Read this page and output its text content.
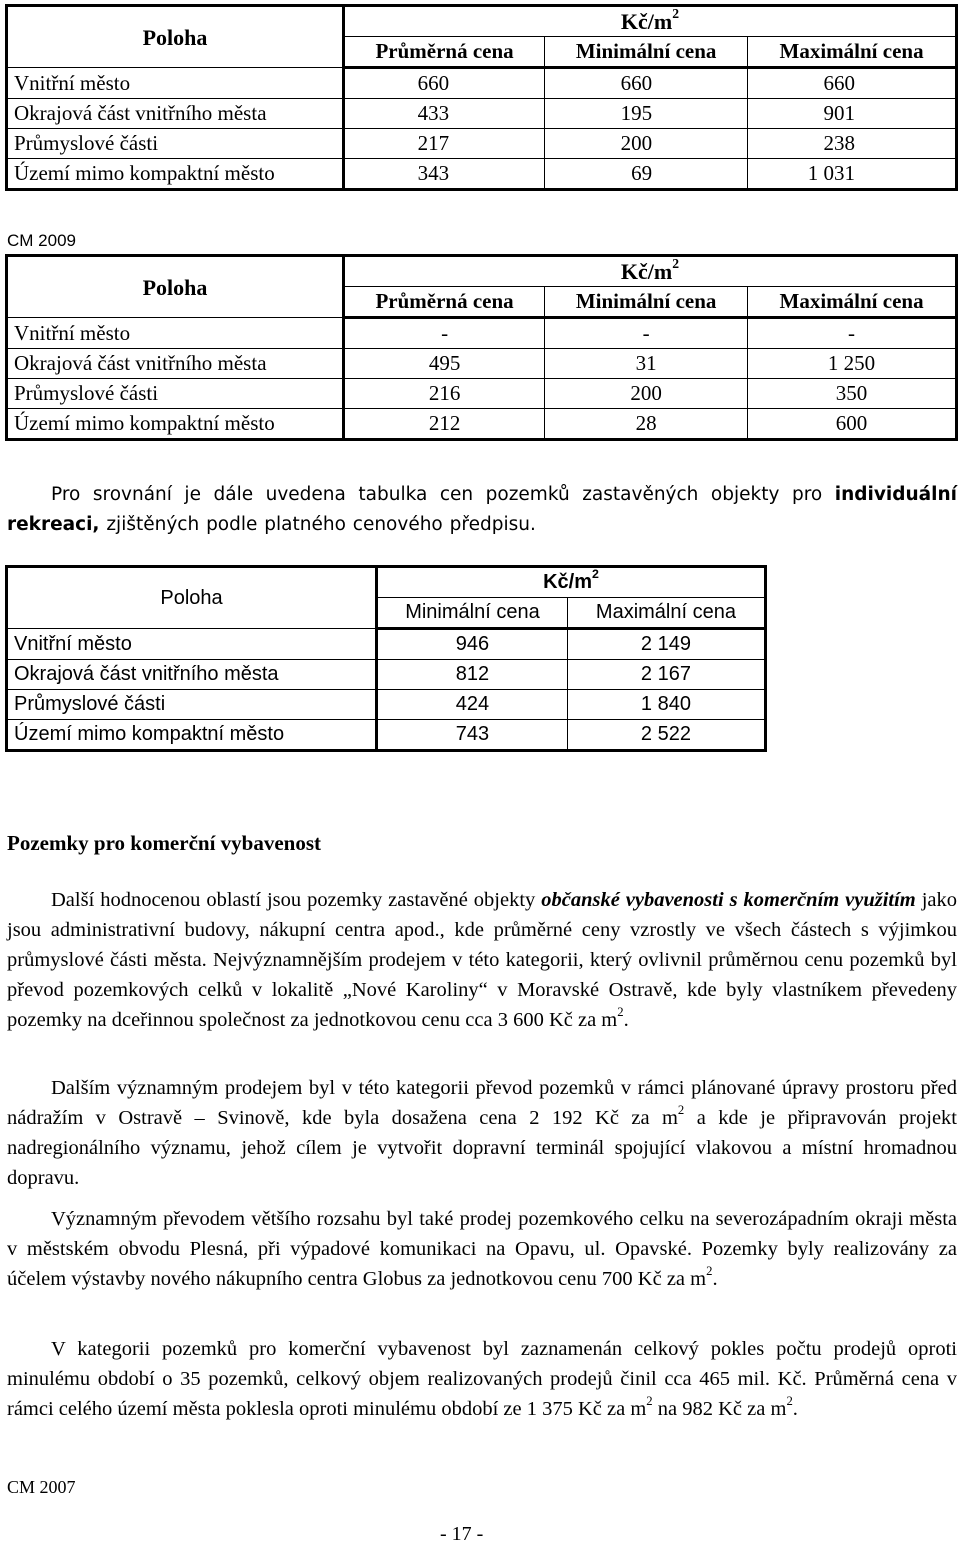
Poloha	$Kč/m^2$
	Průměrná cena	Minimální cena	Maximální cena
Vnitřní město	660	660	660
Okrajová část vnitřního města	433	195	901
Průmyslové části	217	200	238
Území mimo kompaktní město	343	69	1 031
CM 2009
Poloha	$Kč/m^2$
	Průměrná cena	Minimální cena	Maximální cena
Vnitřní město	-	-	-
Okrajová část vnitřního města	495	31	1 250
Průmyslové části	216	200	350
Území mimo kompaktní město	212	28	600
Pro srovnání je dále uvedena tabulka cen pozemků zastavěných objekty pro individuální rekreaci, zjištěných podle platného cenového předpisu.
Poloha	$Kč/m^2$
	Minimální cena	Maximální cena
Vnitřní město	946	2 149
Okrajová část vnitřního města	812	2 167
Průmyslové části	424	1 840
Území mimo kompaktní město	743	2 522
Pozemky pro komerční vybavenost
Další hodnocenou oblastí jsou pozemky zastavěné objekty občanské vybavenosti s komerčním využitím jako jsou administrativní budovy, nákupní centra apod., kde průměrné ceny vzrostly ve všech částech s výjimkou průmyslové části města. Nejvýznamnějším prodejem v této kategorii, který ovlivnil průměrnou cenu pozemků byl převod pozemkových celků v lokalitě „Nové Karoliny“ v Moravské Ostravě, kde byly vlastníkem převedeny pozemky na dceřinnou společnost za jednotkovou cenu cca 3 600 Kč za $m^2$.
Dalším významným prodejem byl v této kategorii převod pozemků v rámci plánované úpravy prostoru před nádražím v Ostravě – Svinově, kde byla dosažena cena 2 192 Kč za $m^2$ a kde je připravován projekt nadregionálního významu, jehož cílem je vytvořit dopravní terminál spojující vlakovou a místní hromadnou dopravu.
Významným převodem většího rozsahu byl také prodej pozemkového celku na severozápadním okraji města v městském obvodu Plesná, při výpadové komunikaci na Opavu, ul. Opavské. Pozemky byly realizovány za účelem výstavby nového nákupního centra Globus za jednotkovou cenu 700 Kč za $m^2$.
V kategorii pozemků pro komerční vybavenost byl zaznamenán celkový pokles počtu prodejů oproti minulému období o 35 pozemků, celkový objem realizovaných prodejů činil cca 465 mil. Kč. Průměrná cena v rámci celého území města poklesla oproti minulému období ze 1 375 Kč za $m^2$ na 982 Kč za $m^2$.
CM 2007
- 17 -
